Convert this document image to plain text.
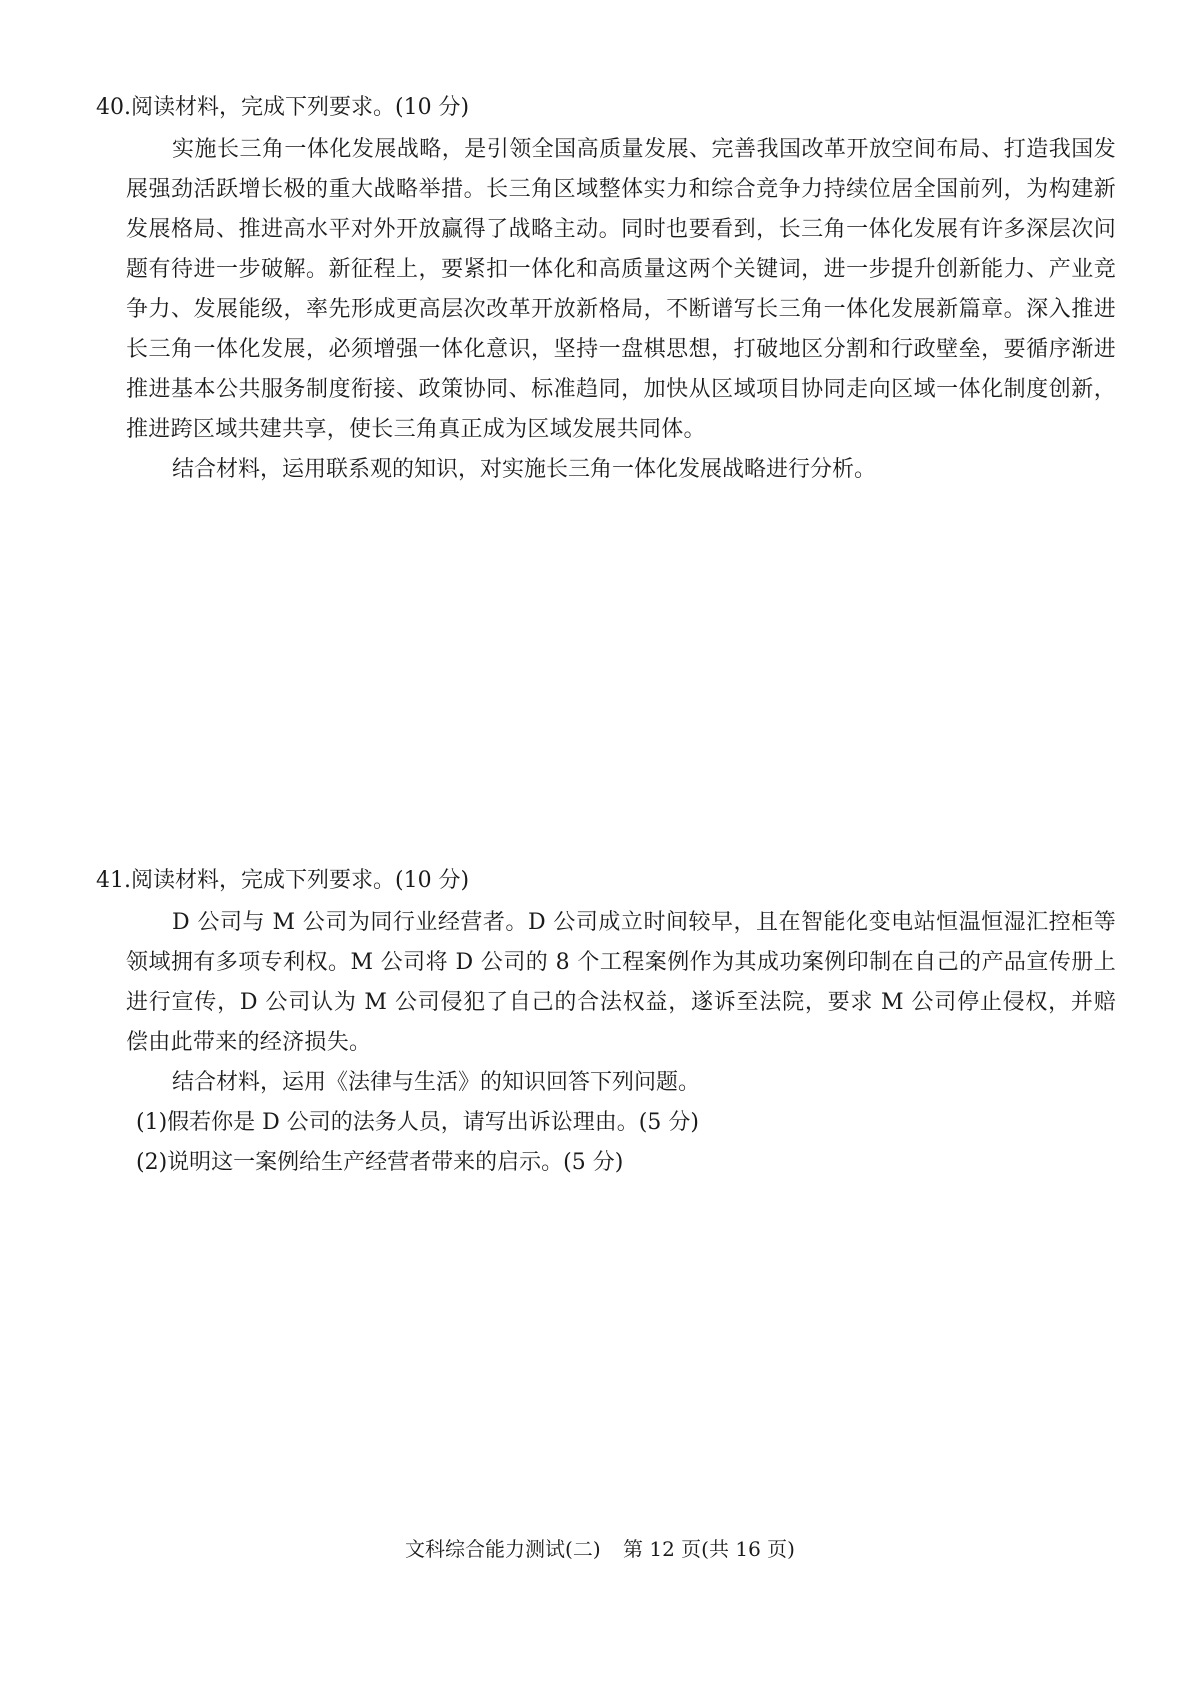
40.阅读材料，完成下列要求。(10 分)

实施长三角一体化发展战略，是引领全国高质量发展、完善我国改革开放空间布局、打造我国发展强劲活跃增长极的重大战略举措。长三角区域整体实力和综合竞争力持续位居全国前列，为构建新发展格局、推进高水平对外开放赢得了战略主动。同时也要看到，长三角一体化发展有许多深层次问题有待进一步破解。新征程上，要紧扣一体化和高质量这两个关键词，进一步提升创新能力、产业竞争力、发展能级，率先形成更高层次改革开放新格局，不断谱写长三角一体化发展新篇章。深入推进长三角一体化发展，必须增强一体化意识，坚持一盘棋思想，打破地区分割和行政壁垒，要循序渐进推进基本公共服务制度衔接、政策协同、标准趋同，加快从区域项目协同走向区域一体化制度创新，推进跨区域共建共享，使长三角真正成为区域发展共同体。

结合材料，运用联系观的知识，对实施长三角一体化发展战略进行分析。

41.阅读材料，完成下列要求。(10 分)

D 公司与 M 公司为同行业经营者。D 公司成立时间较早，且在智能化变电站恒温恒湿汇控柜等领域拥有多项专利权。M 公司将 D 公司的 8 个工程案例作为其成功案例印制在自己的产品宣传册上进行宣传，D 公司认为 M 公司侵犯了自己的合法权益，遂诉至法院，要求 M 公司停止侵权，并赔偿由此带来的经济损失。

结合材料，运用《法律与生活》的知识回答下列问题。

(1)假若你是 D 公司的法务人员，请写出诉讼理由。(5 分)

(2)说明这一案例给生产经营者带来的启示。(5 分)

文科综合能力测试(二) 第 12 页(共 16 页)
